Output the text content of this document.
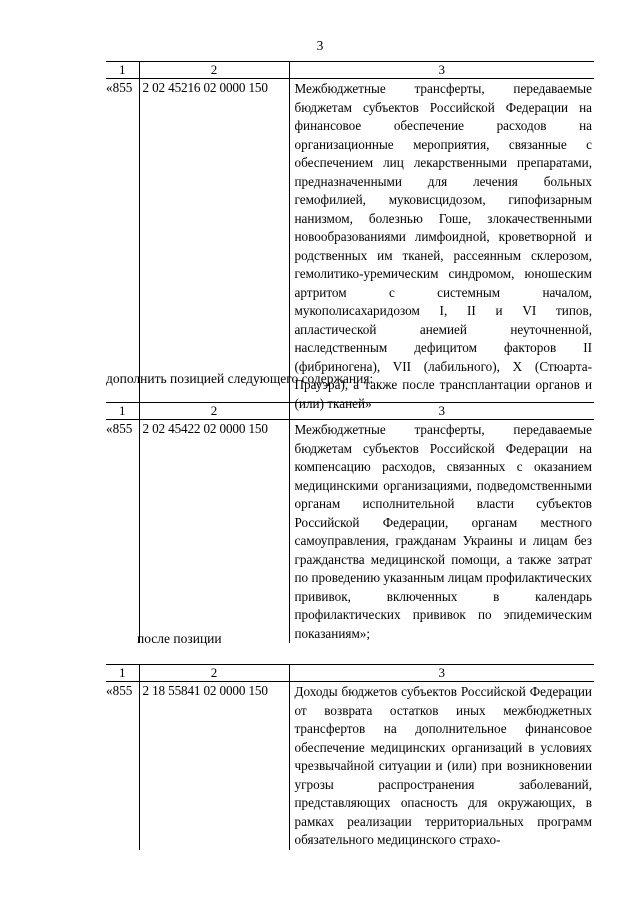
3
1	2	3
«855	2 02 45216 02 0000 150	Межбюджетные трансферты, передаваемые бюджетам субъектов Российской Федерации на финансовое обеспечение расходов на организационные мероприятия, связанные с обеспечением лиц лекарственными препаратами, предназначенными для лечения больных гемофилией, муковисцидозом, гипофизарным нанизмом, болезнью Гоше, злокачественными новообразованиями лимфоидной, кроветворной и родственных им тканей, рассеянным склерозом, гемолитико-уремическим синдромом, юношеским артритом с системным началом, мукополисахаридозом I, II и VI типов, апластической анемией неуточненной, наследственным дефицитом факторов II (фибриногена), VII (лабильного), X (Стюарта-Прауэра), а также после трансплантации органов и (или) тканей»
дополнить позицией следующего содержания:
1	2	3
«855	2 02 45422 02 0000 150	Межбюджетные трансферты, передаваемые бюджетам субъектов Российской Федерации на компенсацию расходов, связанных с оказанием медицинскими организациями, подведомственными органам исполнительной власти субъектов Российской Федерации, органам местного самоуправления, гражданам Украины и лицам без гражданства медицинской помощи, а также затрат по проведению указанным лицам профилактических прививок, включенных в календарь профилактических прививок по эпидемическим показаниям»;
после позиции
1	2	3
«855	2 18 55841 02 0000 150	Доходы бюджетов субъектов Российской Федерации от возврата остатков иных межбюджетных трансфертов на дополнительное финансовое обеспечение медицинских организаций в условиях чрезвычайной ситуации и (или) при возникновении угрозы распространения заболеваний, представляющих опасность для окружающих, в рамках реализации территориальных программ обязательного медицинского страхо-
